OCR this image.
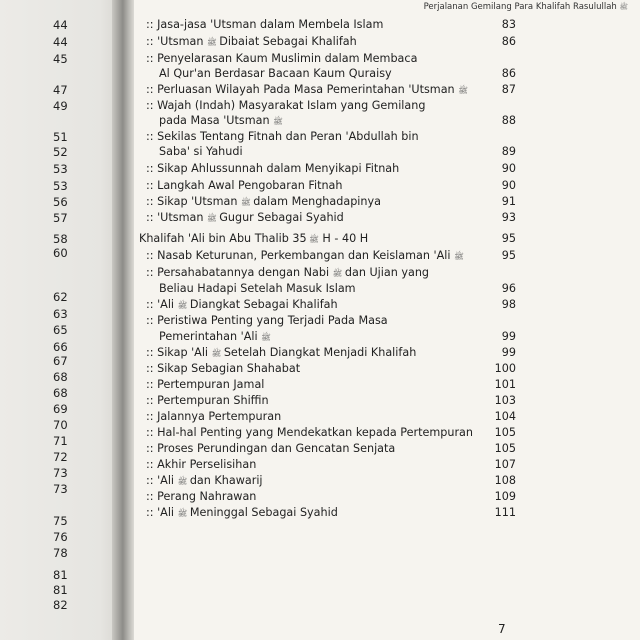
44
44
45
47
49
51
52
53
53
56
57
58
60
62
63
65
66
67
68
68
69
70
71
72
73
73
75
76
78
81
81
82
Perjalanan Gemilang Para Khalifah Rasulullah ﷺ
:: Jasa-jasa 'Utsman dalam Membela Islam	83
:: 'Utsman ﷺ Dibaiat Sebagai Khalifah	86
:: Penyelarasan Kaum Muslimin dalam Membaca
Al Qur'an Berdasar Bacaan Kaum Quraisy	86
:: Perluasan Wilayah Pada Masa Pemerintahan 'Utsman ﷺ	87
:: Wajah (Indah) Masyarakat Islam yang Gemilang
pada Masa 'Utsman ﷺ	88
:: Sekilas Tentang Fitnah dan Peran 'Abdullah bin
Saba' si Yahudi	89
:: Sikap Ahlussunnah dalam Menyikapi Fitnah	90
:: Langkah Awal Pengobaran Fitnah	90
:: Sikap 'Utsman ﷺ dalam Menghadapinya	91
:: 'Utsman ﷺ Gugur Sebagai Syahid	93
Khalifah 'Ali bin Abu Thalib ﷺ 35 H - 40 H	95
:: Nasab Keturunan, Perkembangan dan Keislaman 'Ali ﷺ	95
:: Persahabatannya dengan Nabi ﷺ dan Ujian yang
Beliau Hadapi Setelah Masuk Islam	96
:: 'Ali ﷺ Diangkat Sebagai Khalifah	98
:: Peristiwa Penting yang Terjadi Pada Masa
Pemerintahan 'Ali ﷺ	99
:: Sikap 'Ali ﷺ Setelah Diangkat Menjadi Khalifah	99
:: Sikap Sebagian Shahabat	100
:: Pertempuran Jamal	101
:: Pertempuran Shiffin	103
:: Jalannya Pertempuran	104
:: Hal-hal Penting yang Mendekatkan kepada Pertempuran	105
:: Proses Perundingan dan Gencatan Senjata	105
:: Akhir Perselisihan	107
:: 'Ali ﷺ dan Khawarij	108
:: Perang Nahrawan	109
:: 'Ali ﷺ Meninggal Sebagai Syahid	111
7
